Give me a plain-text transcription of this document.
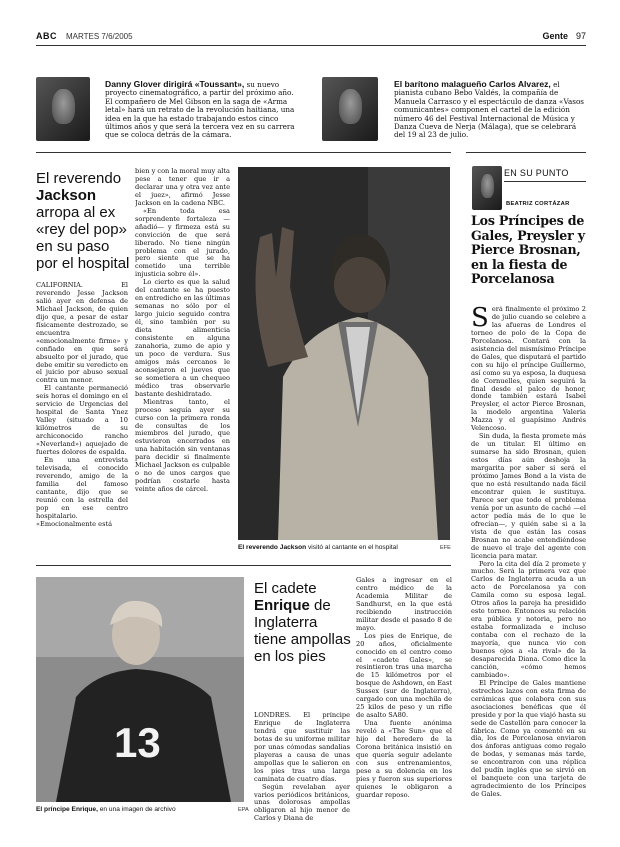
ABC MARTES 7/6/2005	Gente 97
Danny Glover dirigirá «Toussant», su nuevo proyecto cinematográfico, a partir del próximo año. El compañero de Mel Gibson en la saga de «Arma letal» hará un retrato de la revolución haitiana, una idea en la que ha estado trabajando estos cinco últimos años y que será la tercera vez en su carrera que se coloca detrás de la cámara.
El barítono malagueño Carlos Alvarez, el pianista cubano Bebo Valdés, la compañía de Manuela Carrasco y el espectáculo de danza «Vasos comunicantes» componen el cartel de la edición número 46 del Festival Internacional de Música y Danza Cueva de Nerja (Málaga), que se celebrará del 19 al 23 de julio.
El reverendo Jackson arropa al ex «rey del pop» en su paso por el hospital

CALIFORNIA. El reverendo Jesse Jackson salió ayer en defensa de Michael Jackson, de quien dijo que, a pesar de estar físicamente destrozado, se encuentra «emocionalmente firme» y confiado en que será absuelto por el jurado, que debe emitir su veredicto en el juicio por abuso sexual contra un menor.

El cantante permaneció seis horas el domingo en el servicio de Urgencias del hospital de Santa Ynez Valley (situado a 10 kilómetros de su archiconocido rancho «Neverland») aquejado de fuertes dolores de espalda.

En una entrevista televisada, el conocido reverendo, amigo de la familia del famoso cantante, dijo que se reunió con la estrella del pop en ese centro hospitalario. «Emocionalmente está

bien y con la moral muy alta pese a tener que ir a declarar una y otra vez ante el juez», afirmó Jesse Jackson en la cadena NBC.

«En toda esa sorprendente fortaleza —añadió— y firmeza está su convicción de que será liberado. No tiene ningún problema con el jurado, pero siente que se ha cometido una terrible injusticia sobre él».

Lo cierto es que la salud del cantante se ha puesto en entredicho en las últimas semanas no sólo por el largo juicio seguido contra él, sino también por su dieta alimenticia consistente en alguna zanahoria, zumo de apio y un poco de verdura. Sus amigos más cercanos le aconsejaron el jueves que se sometiera a un chequeo médico tras observarle bastante deshidratado.

Mientras tanto, el proceso seguía ayer su curso con la primera ronda de consultas de los miembros del jurado, que estuvieron encerrados en una habitación sin ventanas para decidir si finalmente Michael Jackson es culpable o no de unos cargos que podrían costarle hasta veinte años de cárcel.

El reverendo Jackson visitó al cantante en el hospital	EFE
13
El príncipe Enrique, en una imagen de archivo	EPA
El cadete Enrique de Inglaterra tiene ampollas en los pies

LONDRES. El príncipe Enrique de Inglaterra tendrá que sustituir las botas de su uniforme militar por unas cómodas sandalias playeras a causa de unas ampollas que le salieron en los pies tras una larga caminata de cuatro días.

Según revelaban ayer varios periódicos británicos, unas dolorosas ampollas obligaron al hijo menor de Carlos y Diana de

Gales a ingresar en el centro médico de la Academia Militar de Sandhurst, en la que está recibiendo instrucción militar desde el pasado 8 de mayo.

Los pies de Enrique, de 20 años, oficialmente conocido en el centro como el «cadete Gales», se resintieron tras una marcha de 15 kilómetros por el bosque de Ashdown, en East Sussex (sur de Inglaterra), cargado con una mochila de 25 kilos de peso y un rifle de asalto SA80.

Una fuente anónima reveló a «The Sun» que el hijo del heredero de la Corona británica insistió en que quería seguir adelante con sus entrenamientos, pese a su dolencia en los pies y fueron sus superiores quienes le obligaron a guardar reposo.

EN SU PUNTO
BEATRIZ CORTÁZAR
Los Príncipes de Gales, Preysler y Pierce Brosnan, en la fiesta de Porcelanosa

Será finalmente el próximo 2 de julio cuando se celebre a las afueras de Londres el torneo de polo de la Copa de Porcelanosa. Contará con la asistencia del mismísimo Príncipe de Gales, que disputará el partido con su hijo el príncipe Guillermo, así como su ya esposa, la duquesa de Cornuelles, quien seguirá la final desde el palco de honor, donde también estará Isabel Preysler, el actor Pierce Brosnan, la modelo argentina Valeria Mazza y el guapísimo Andrés Velencoso.

Sin duda, la fiesta promete más de un titular. El último en sumarse ha sido Brosnan, quien estos días aún deshoja la margarita por saber si será el próximo James Bond a la vista de que no está resultando nada fácil encontrar quien le sustituya. Parece ser que todo el problema venía por un asunto de caché —el actor pedía más de lo que le ofrecían—, y quién sabe si a la vista de que están las cosas Brosnan no acabe entendiéndose de nuevo el traje del agente con licencia para matar.

Pero la cita del día 2 promete y mucho. Será la primera vez que Carlos de Inglaterra acuda a un acto de Porcelanosa ya con Camila como su esposa legal. Otros años la pareja ha presidido este torneo. Entonces su relación era pública y notoria, pero no estaba formalizada e incluso contaba con el rechazo de la mayoría, que nunca vio con buenos ojos a «la rival» de la desaparecida Diana. Como dice la canción, «cómo hemos cambiado».

El Príncipe de Gales mantiene estrechos lazos con esta firma de cerámicas que colabora con sus asociaciones benéficas que él preside y por la que viajó hasta su sede de Castellón para conocer la fábrica. Como ya comenté en su día, los de Porcelanosa enviaron dos ánforas antiguas como regalo de bodas, y semanas más tarde, se encontraron con una réplica del pudín inglés que se sirvió en el banquete con una tarjeta de agradecimiento de los Príncipes de Gales.
